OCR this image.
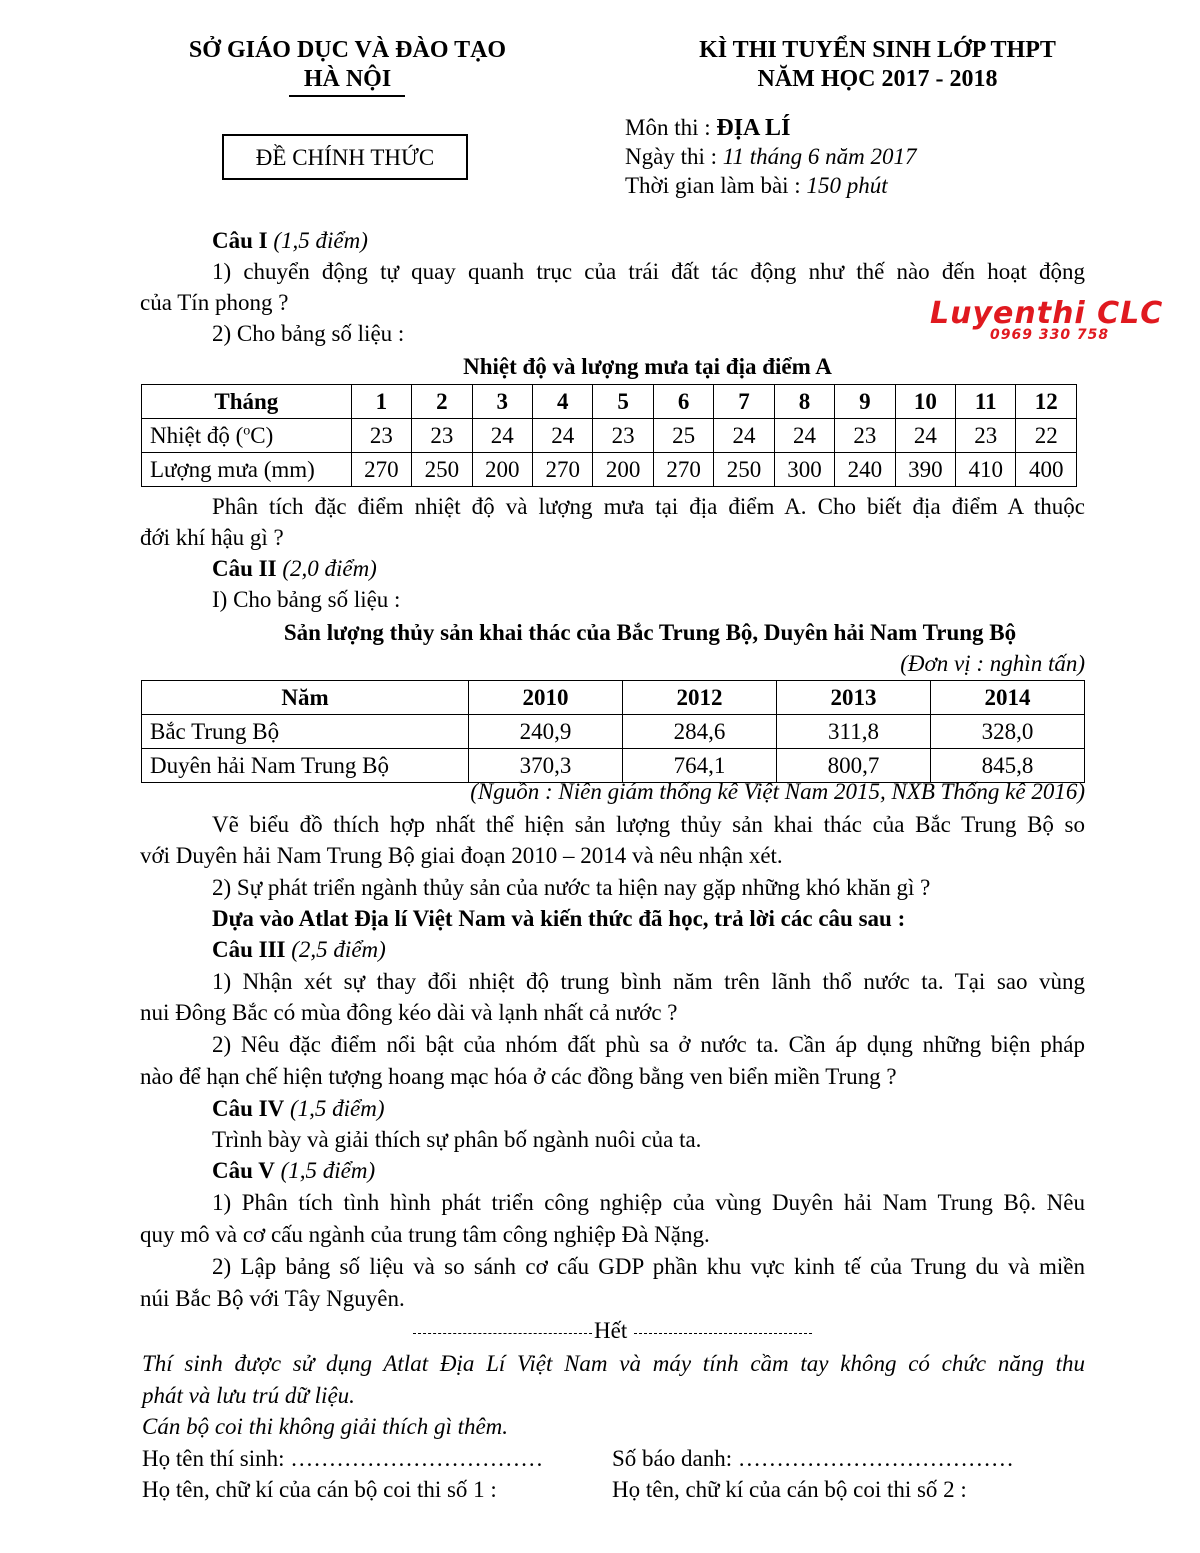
SỞ GIÁO DỤC VÀ ĐÀO TẠO
HÀ NỘI
KÌ THI TUYỂN SINH LỚP THPT
NĂM HỌC 2017 - 2018
ĐỀ CHÍNH THỨC
Môn thi : ĐỊA LÍ
Ngày thi : 11 tháng 6 năm 2017
Thời gian làm bài : 150 phút
Luyenthi CLC
0969 330 758
Câu I (1,5 điểm)
1) chuyển động tự quay quanh trục của trái đất tác động như thế nào đến hoạt động
của Tín phong ?
2) Cho bảng số liệu :
Nhiệt độ và lượng mưa tại địa điểm A
Tháng	1	2	3	4	5	6	7	8	9	10	11	12
Nhiệt độ ($^o$C)	23	23	24	24	23	25	24	24	23	24	23	22
Lượng mưa (mm)	270	250	200	270	200	270	250	300	240	390	410	400
Phân tích đặc điểm nhiệt độ và lượng mưa tại địa điểm A. Cho biết địa điểm A thuộc
đới khí hậu gì ?
Câu II (2,0 điểm)
I) Cho bảng số liệu :
Sản lượng thủy sản khai thác của Bắc Trung Bộ, Duyên hải Nam Trung Bộ
(Đơn vị : nghìn tấn)
Năm	2010	2012	2013	2014
Bắc Trung Bộ	240,9	284,6	311,8	328,0
Duyên hải Nam Trung Bộ	370,3	764,1	800,7	845,8
(Nguồn : Niên giám thống kê Việt Nam 2015, NXB Thống kê 2016)
Vẽ biểu đồ thích hợp nhất thể hiện sản lượng thủy sản khai thác của Bắc Trung Bộ so
với Duyên hải Nam Trung Bộ giai đoạn 2010 – 2014 và nêu nhận xét.
2) Sự phát triển ngành thủy sản của nước ta hiện nay gặp những khó khăn gì ?
Dựa vào Atlat Địa lí Việt Nam và kiến thức đã học, trả lời các câu sau :
Câu III (2,5 điểm)
1) Nhận xét sự thay đổi nhiệt độ trung bình năm trên lãnh thổ nước ta. Tại sao vùng
nui Đông Bắc có mùa đông kéo dài và lạnh nhất cả nước ?
2) Nêu đặc điểm nổi bật của nhóm đất phù sa ở nước ta. Cần áp dụng những biện pháp
nào để hạn chế hiện tượng hoang mạc hóa ở các đồng bằng ven biển miền Trung ?
Câu IV (1,5 điểm)
Trình bày và giải thích sự phân bố ngành nuôi của ta.
Câu V (1,5 điểm)
1) Phân tích tình hình phát triển công nghiệp của vùng Duyên hải Nam Trung Bộ. Nêu
quy mô và cơ cấu ngành của trung tâm công nghiệp Đà Nặng.
2) Lập bảng số liệu và so sánh cơ cấu GDP phần khu vực kinh tế của Trung du và miền
núi Bắc Bộ với Tây Nguyên.
Hết
Thí sinh được sử dụng Atlat Địa Lí Việt Nam và máy tính cầm tay không có chức năng thu
phát và lưu trú dữ liệu.
Cán bộ coi thi không giải thích gì thêm.
Họ tên thí sinh: ……………………………	Số báo danh: ………………………………
Họ tên, chữ kí của cán bộ coi thi số 1 :	Họ tên, chữ kí của cán bộ coi thi số 2 :
